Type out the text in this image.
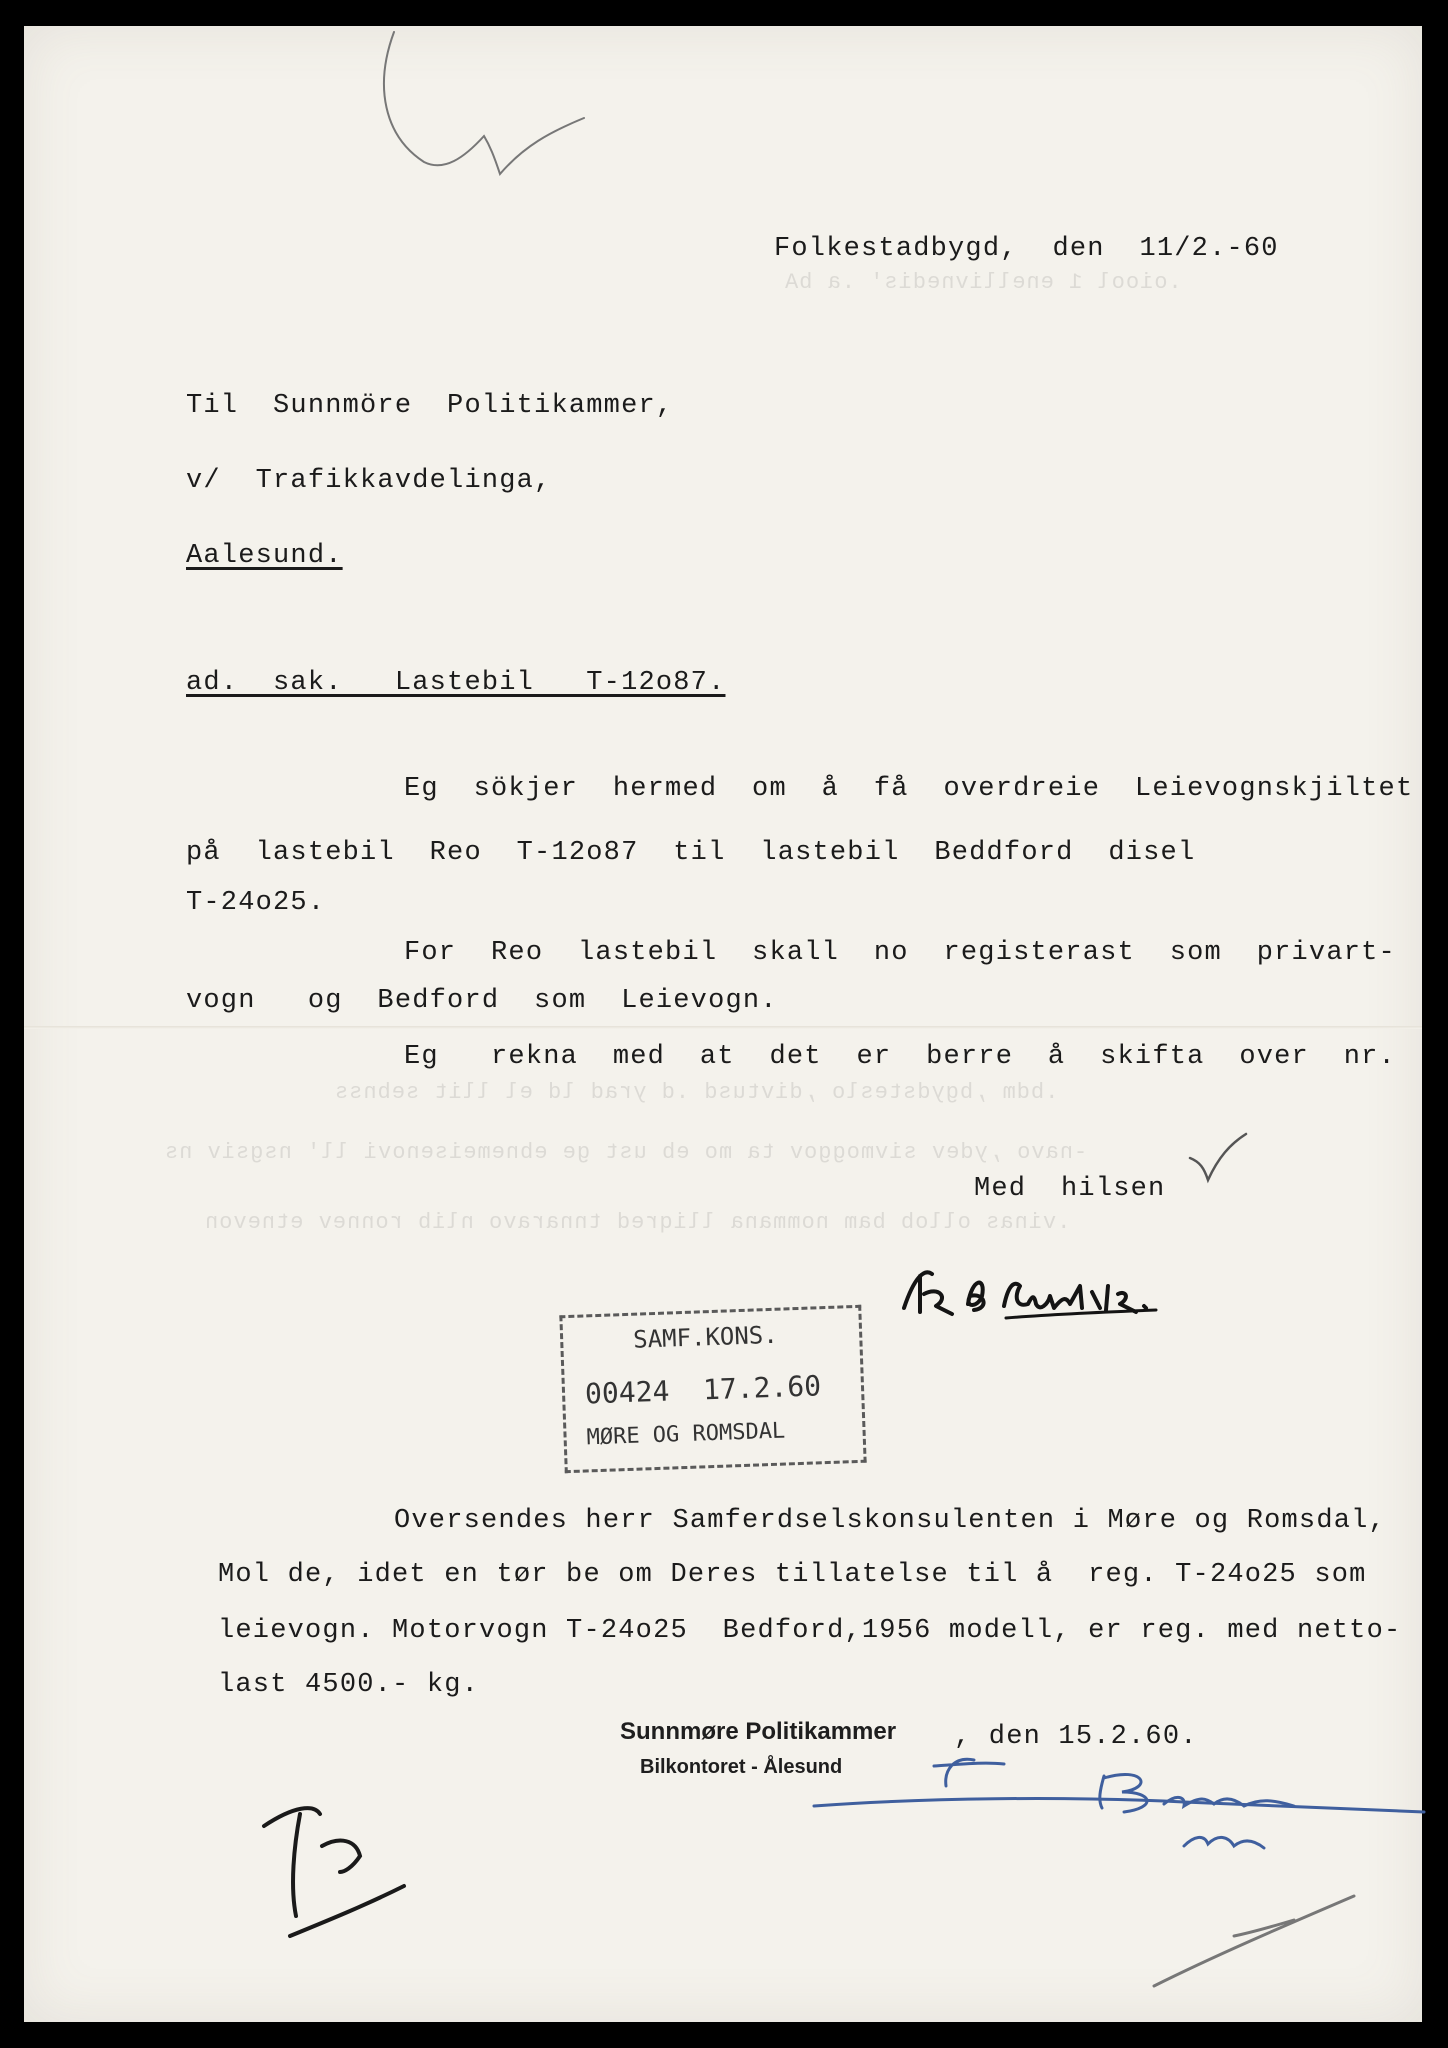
.oiool 1 enellivnedis' .a bA
.bdm ,bgydsteslo ,divtusd .d yrad ld el llit sebnss
-navo ,ydev sivmoggov ta mo eb ust ge ebnemeisenovi ll' nsgsiv ns
.vinas ollob bam nommana lliqred tnnaravo nlib ronnev etnevon
Folkestadbygd,  den  11/2.-60
Til  Sunnmöre  Politikammer,
v/  Trafikkavdelinga,
Aalesund.
ad.  sak.   Lastebil   T-12o87.
Eg  sökjer  hermed  om  å  få  overdreie  Leievognskjiltet
på  lastebil  Reo  T-12o87  til  lastebil  Beddford  disel
T-24o25.
For  Reo  lastebil  skall  no  registerast  som  privart-
vogn   og  Bedford  som  Leievogn.
Eg   rekna  med  at  det  er  berre  å  skifta  over  nr.
Med  hilsen
SAMF.KONS.
00424  17.2.60
MØRE OG ROMSDAL
Oversendes herr Samferdselskonsulenten i Møre og Romsdal,
Mol de, idet en tør be om Deres tillatelse til å  reg. T-24o25 som
leievogn. Motorvogn T-24o25  Bedford,1956 modell, er reg. med netto-
last 4500.- kg.
Sunnmøre Politikammer
Bilkontoret - Ålesund
, den 15.2.60.
